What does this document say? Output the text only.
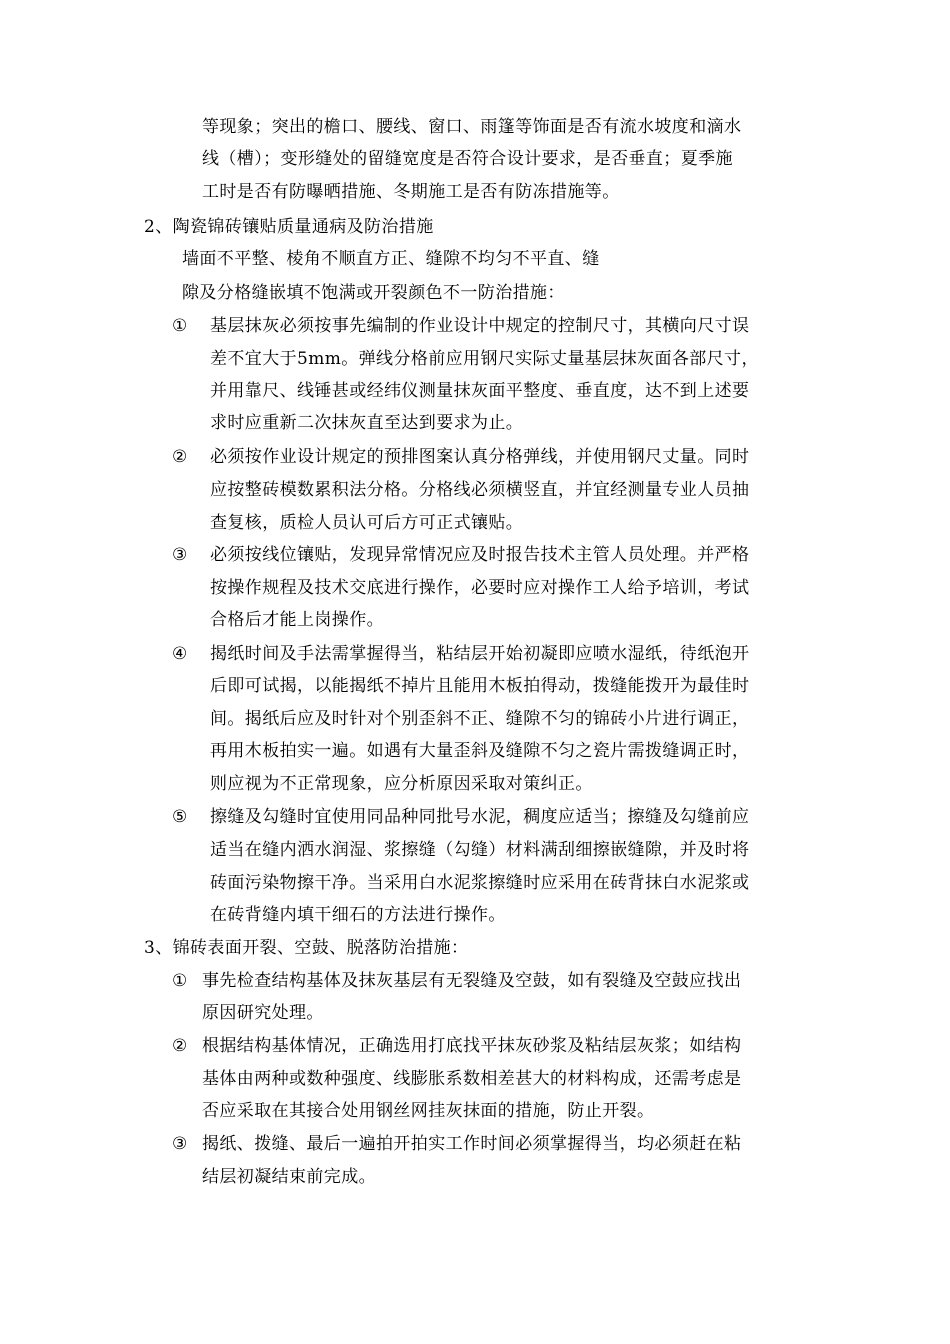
等现象；突出的檐口、腰线、窗口、雨篷等饰面是否有流水坡度和滴水
线（槽）；变形缝处的留缝宽度是否符合设计要求，是否垂直；夏季施
工时是否有防曝晒措施、冬期施工是否有防冻措施等。
2、陶瓷锦砖镶贴质量通病及防治措施
墙面不平整、棱角不顺直方正、缝隙不均匀不平直、缝
隙及分格缝嵌填不饱满或开裂颜色不一防治措施：
① 基层抹灰必须按事先编制的作业设计中规定的控制尺寸，其横向尺寸误
差不宜大于5mm。弹线分格前应用钢尺实际丈量基层抹灰面各部尺寸，
并用靠尺、线锤甚或经纬仪测量抹灰面平整度、垂直度，达不到上述要
求时应重新二次抹灰直至达到要求为止。
② 必须按作业设计规定的预排图案认真分格弹线，并使用钢尺丈量。同时
应按整砖模数累积法分格。分格线必须横竖直，并宜经测量专业人员抽
查复核，质检人员认可后方可正式镶贴。
③ 必须按线位镶贴，发现异常情况应及时报告技术主管人员处理。并严格
按操作规程及技术交底进行操作，必要时应对操作工人给予培训，考试
合格后才能上岗操作。
④ 揭纸时间及手法需掌握得当，粘结层开始初凝即应喷水湿纸，待纸泡开
后即可试揭，以能揭纸不掉片且能用木板拍得动，拨缝能拨开为最佳时
间。揭纸后应及时针对个别歪斜不正、缝隙不匀的锦砖小片进行调正，
再用木板拍实一遍。如遇有大量歪斜及缝隙不匀之瓷片需拨缝调正时，
则应视为不正常现象，应分析原因采取对策纠正。
⑤ 擦缝及勾缝时宜使用同品种同批号水泥，稠度应适当；擦缝及勾缝前应
适当在缝内洒水润湿、浆擦缝（勾缝）材料满刮细擦嵌缝隙，并及时将
砖面污染物擦干净。当采用白水泥浆擦缝时应采用在砖背抹白水泥浆或
在砖背缝内填干细石的方法进行操作。
3、锦砖表面开裂、空鼓、脱落防治措施：
① 事先检查结构基体及抹灰基层有无裂缝及空鼓，如有裂缝及空鼓应找出
原因研究处理。
② 根据结构基体情况，正确选用打底找平抹灰砂浆及粘结层灰浆；如结构
基体由两种或数种强度、线膨胀系数相差甚大的材料构成，还需考虑是
否应采取在其接合处用钢丝网挂灰抹面的措施，防止开裂。
③ 揭纸、拨缝、最后一遍拍开拍实工作时间必须掌握得当，均必须赶在粘
结层初凝结束前完成。
